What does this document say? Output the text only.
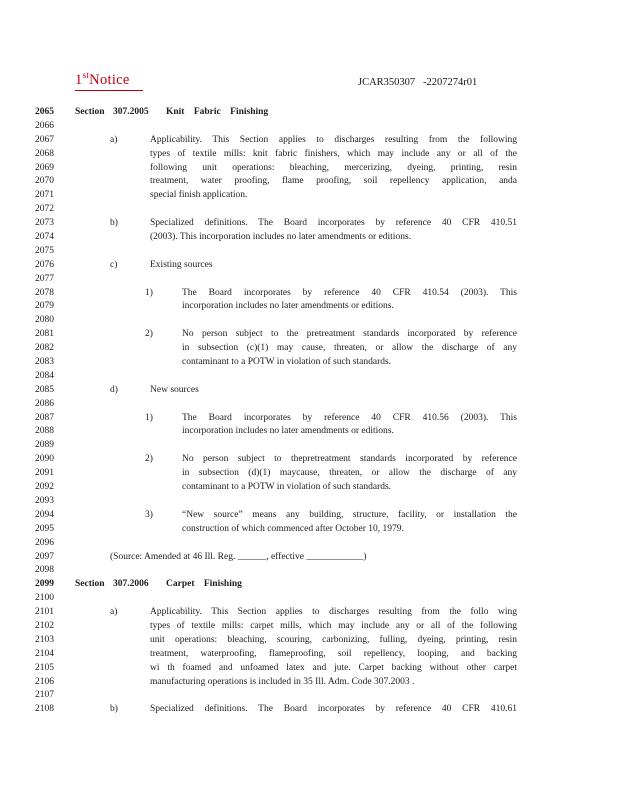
1stNotice	JCAR350307   -2207274r01
2065 Section 307.2005 Knit Fabric Finishing
2066
2067	a)	Applicability. This Section applies to discharges resulting from the following
2068	types of textile mills: knit fabric finishers, which may include any or all of the
2069	following unit operations: bleaching, mercerizing, dyeing, printing, resin
2070	treatment, water proofing, flame proofing, soil repellency application, anda
2071	special finish application.
2072
2073	b)	Specialized definitions. The Board incorporates by reference 40 CFR 410.51
2074	(2003). This incorporation includes no later amendments or editions.
2075
2076	c)	Existing sources
2077
2078	1)	The Board incorporates by reference 40 CFR 410.54 (2003). This
2079	incorporation includes no later amendments or editions.
2080
2081	2)	No person subject to the pretreatment standards incorporated by reference
2082	in subsection (c)(1) may cause, threaten, or allow the discharge of any
2083	contaminant to a POTW in violation of such standards.
2084
2085	d)	New sources
2086
2087	1)	The Board incorporates by reference 40 CFR 410.56 (2003). This
2088	incorporation includes no later amendments or editions.
2089
2090	2)	No person subject to thepretreatment standards incorporated by reference
2091	in subsection (d)(1) maycause, threaten, or allow the discharge of any
2092	contaminant to a POTW in violation of such standards.
2093
2094	3)	“New source” means any building, structure, facility, or installation the
2095	construction of which commenced after October 10, 1979.
2096
2097	(Source: Amended at 46 Ill. Reg. ______, effective ____________)
2098
2099 Section 307.2006 Carpet Finishing
2100
2101	a)	Applicability. This Section applies to discharges resulting from the follo wing
2102	types of textile mills: carpet mills, which may include any or all of the following
2103	unit operations: bleaching, scouring, carbonizing, fulling, dyeing, printing, resin
2104	treatment, waterproofing, flameproofing, soil repellency, looping, and backing
2105	wi th foamed and unfoamed latex and jute. Carpet backing without other carpet
2106	manufacturing operations is included in 35 Ill. Adm. Code 307.2003 .
2107
2108	b)	Specialized definitions. The Board incorporates by reference 40 CFR 410.61
